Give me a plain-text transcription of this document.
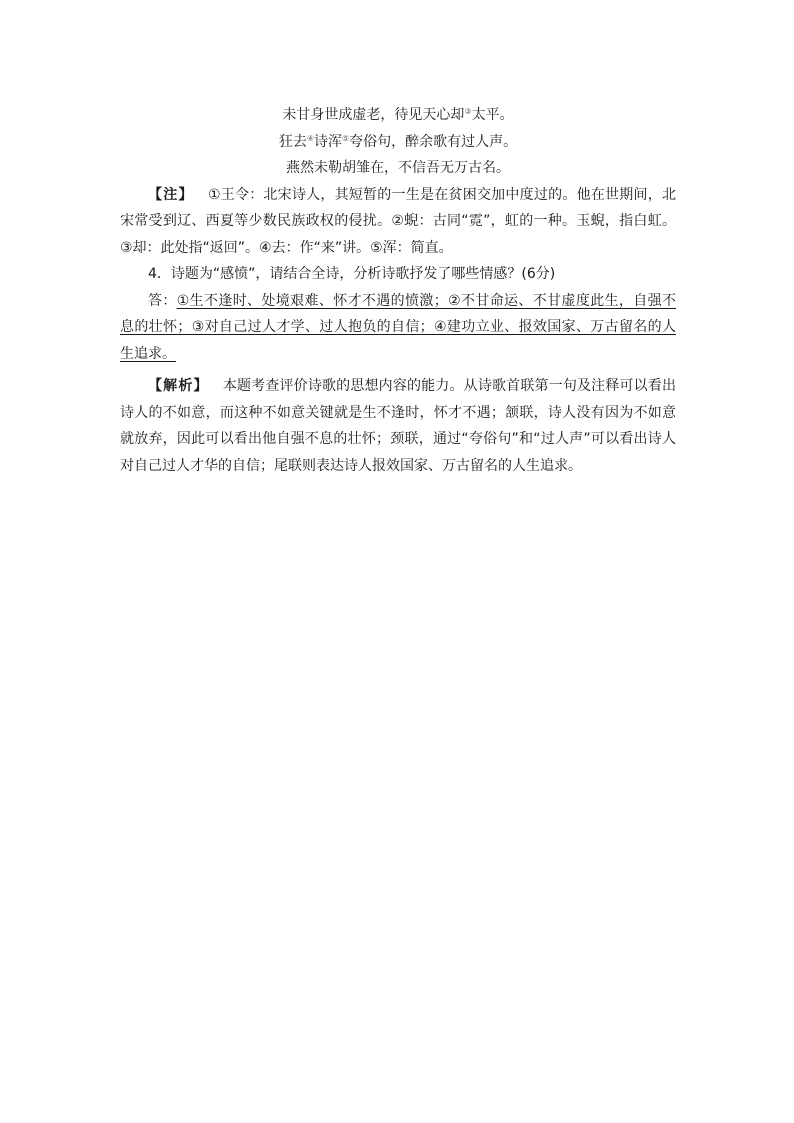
未甘身世成虚老，待见天心却③太平。

狂去④诗浑⑤夸俗句，醉余歌有过人声。

燕然未勒胡雏在，不信吾无万古名。

【注】 ①王令：北宋诗人，其短暂的一生是在贫困交加中度过的。他在世期间，北宋常受到辽、西夏等少数民族政权的侵扰。②蜺：古同“霓”，虹的一种。玉蜺，指白虹。③却：此处指“返回”。④去：作“来”讲。⑤浑：简直。

4．诗题为“感愤”，请结合全诗，分析诗歌抒发了哪些情感？(6分)

答：①生不逢时、处境艰难、怀才不遇的愤激；②不甘命运、不甘虚度此生，自强不息的壮怀；③对自己过人才学、过人抱负的自信；④建功立业、报效国家、万古留名的人生追求。

【解析】 本题考查评价诗歌的思想内容的能力。从诗歌首联第一句及注释可以看出诗人的不如意，而这种不如意关键就是生不逢时，怀才不遇；颔联，诗人没有因为不如意就放弃，因此可以看出他自强不息的壮怀；颈联，通过“夸俗句”和“过人声”可以看出诗人对自己过人才华的自信；尾联则表达诗人报效国家、万古留名的人生追求。
